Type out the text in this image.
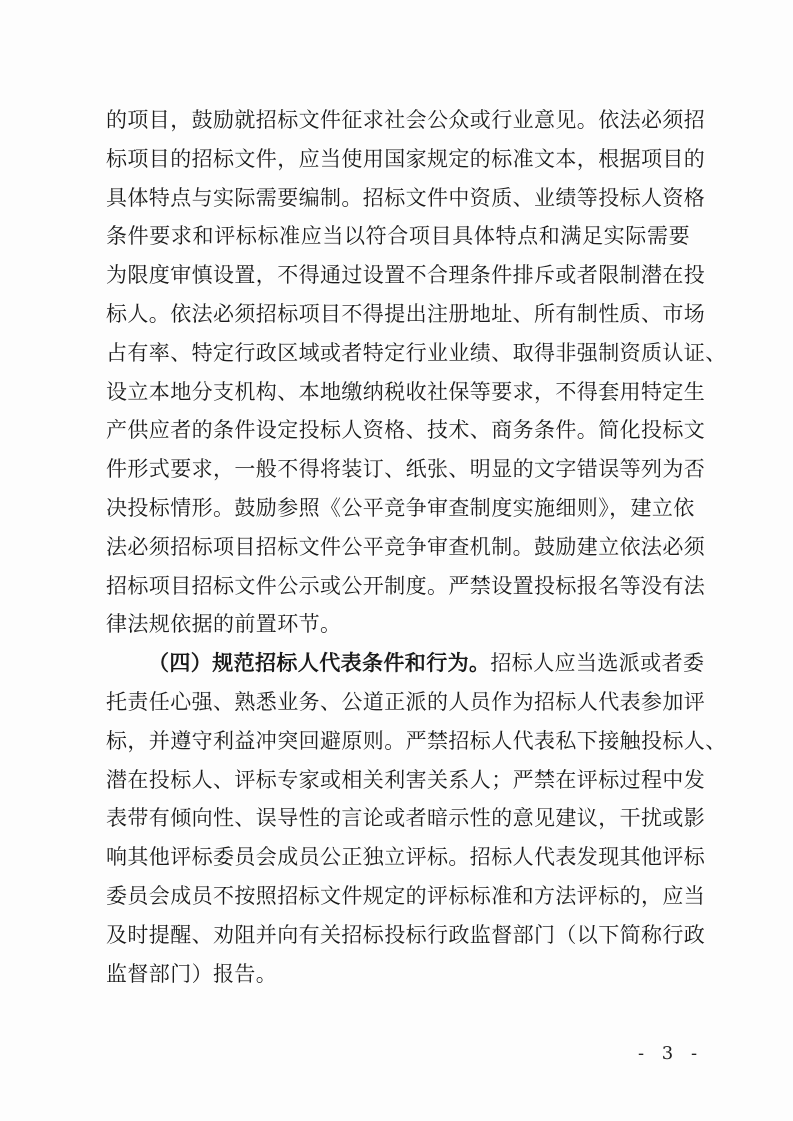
的项目，鼓励就招标文件征求社会公众或行业意见。依法必须招
标项目的招标文件，应当使用国家规定的标准文本，根据项目的
具体特点与实际需要编制。招标文件中资质、业绩等投标人资格
条件要求和评标标准应当以符合项目具体特点和满足实际需要
为限度审慎设置，不得通过设置不合理条件排斥或者限制潜在投
标人。依法必须招标项目不得提出注册地址、所有制性质、市场
占有率、特定行政区域或者特定行业业绩、取得非强制资质认证、
设立本地分支机构、本地缴纳税收社保等要求，不得套用特定生
产供应者的条件设定投标人资格、技术、商务条件。简化投标文
件形式要求，一般不得将装订、纸张、明显的文字错误等列为否
决投标情形。鼓励参照《公平竞争审查制度实施细则》，建立依
法必须招标项目招标文件公平竞争审查机制。鼓励建立依法必须
招标项目招标文件公示或公开制度。严禁设置投标报名等没有法
律法规依据的前置环节。
（四）规范招标人代表条件和行为。招标人应当选派或者委
托责任心强、熟悉业务、公道正派的人员作为招标人代表参加评
标，并遵守利益冲突回避原则。严禁招标人代表私下接触投标人、
潜在投标人、评标专家或相关利害关系人；严禁在评标过程中发
表带有倾向性、误导性的言论或者暗示性的意见建议，干扰或影
响其他评标委员会成员公正独立评标。招标人代表发现其他评标
委员会成员不按照招标文件规定的评标标准和方法评标的，应当
及时提醒、劝阻并向有关招标投标行政监督部门（以下简称行政
监督部门）报告。
- 3 -
